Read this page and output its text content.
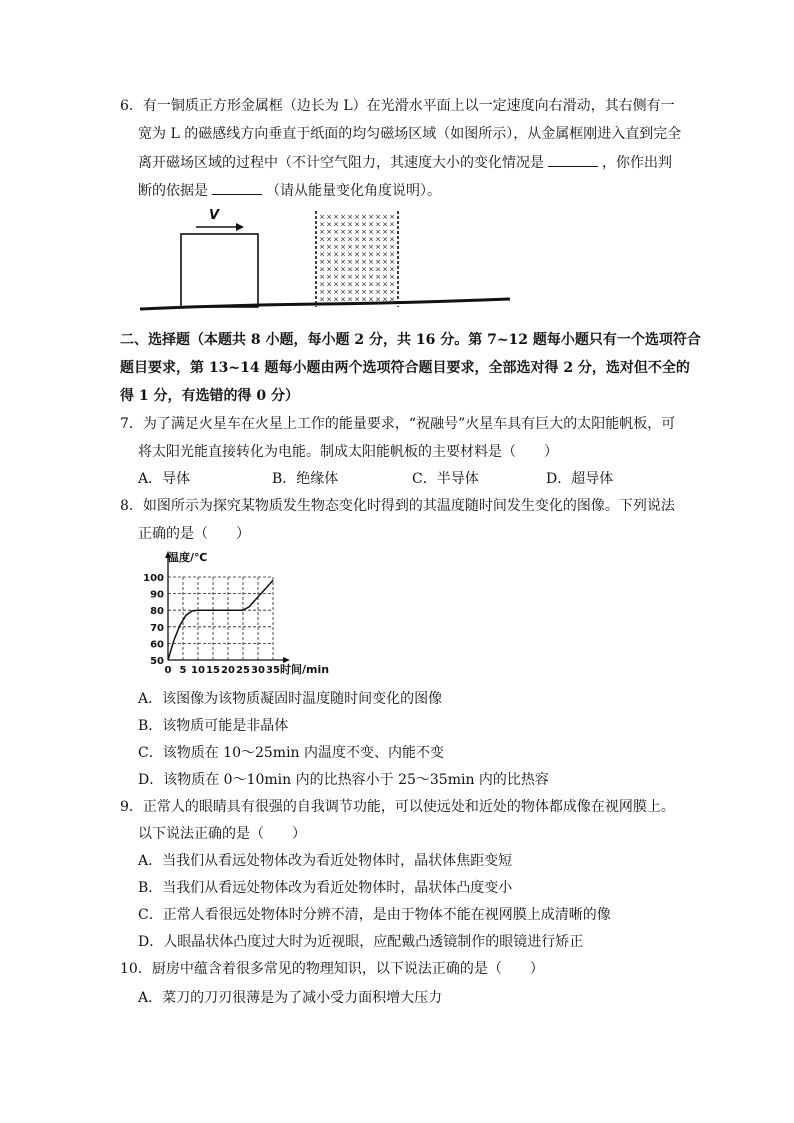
6．有一铜质正方形金属框（边长为 L）在光滑水平面上以一定速度向右滑动，其右侧有一
宽为 L 的磁感线方向垂直于纸面的均匀磁场区域（如图所示），从金属框刚进入直到完全
离开磁场区域的过程中（不计空气阻力，其速度大小的变化情况是	，你作出判
断的依据是	（请从能量变化角度说明）。
V	× × × × × × × × × × ×
× × × × × × × × × × ×
× × × × × × × × × × ×
× × × × × × × × × × ×
× × × × × × × × × × ×
× × × × × × × × × × ×
× × × × × × × × × × ×
× × × × × × × × × × ×
× × × × × × × × × × ×
× × × × × × × × × × ×
× × × × × × × × × × ×
× × × × × × × × × × ×
二、选择题（本题共 8 小题，每小题 2 分，共 16 分。第 7~12 题每小题只有一个选项符合
题目要求，第 13~14 题每小题由两个选项符合题目要求，全部选对得 2 分，选对但不全的
得 1 分，有选错的得 0 分）
7．为了满足火星车在火星上工作的能量要求，“祝融号”火星车具有巨大的太阳能帆板，可
将太阳光能直接转化为电能。制成太阳能帆板的主要材料是（　　）
A．导体	B．绝缘体	C．半导体	D．超导体
8．如图所示为探究某物质发生物态变化时得到的其温度随时间发生变化的图像。下列说法
正确的是（　　）
0 5 10 15 20 25 30 35
50
60
70
80
90
100
温度/℃
时间/min
A．该图像为该物质凝固时温度随时间变化的图像
B．该物质可能是非晶体
C．该物质在 10～25min 内温度不变、内能不变
D．该物质在 0～10min 内的比热容小于 25～35min 内的比热容
9．正常人的眼睛具有很强的自我调节功能，可以使远处和近处的物体都成像在视网膜上。
以下说法正确的是（　　）
A．当我们从看远处物体改为看近处物体时，晶状体焦距变短
B．当我们从看远处物体改为看近处物体时，晶状体凸度变小
C．正常人看很远处物体时分辨不清，是由于物体不能在视网膜上成清晰的像
D．人眼晶状体凸度过大时为近视眼，应配戴凸透镜制作的眼镜进行矫正
10．厨房中蕴含着很多常见的物理知识，以下说法正确的是（　　）
A．菜刀的刀刃很薄是为了减小受力面积增大压力
